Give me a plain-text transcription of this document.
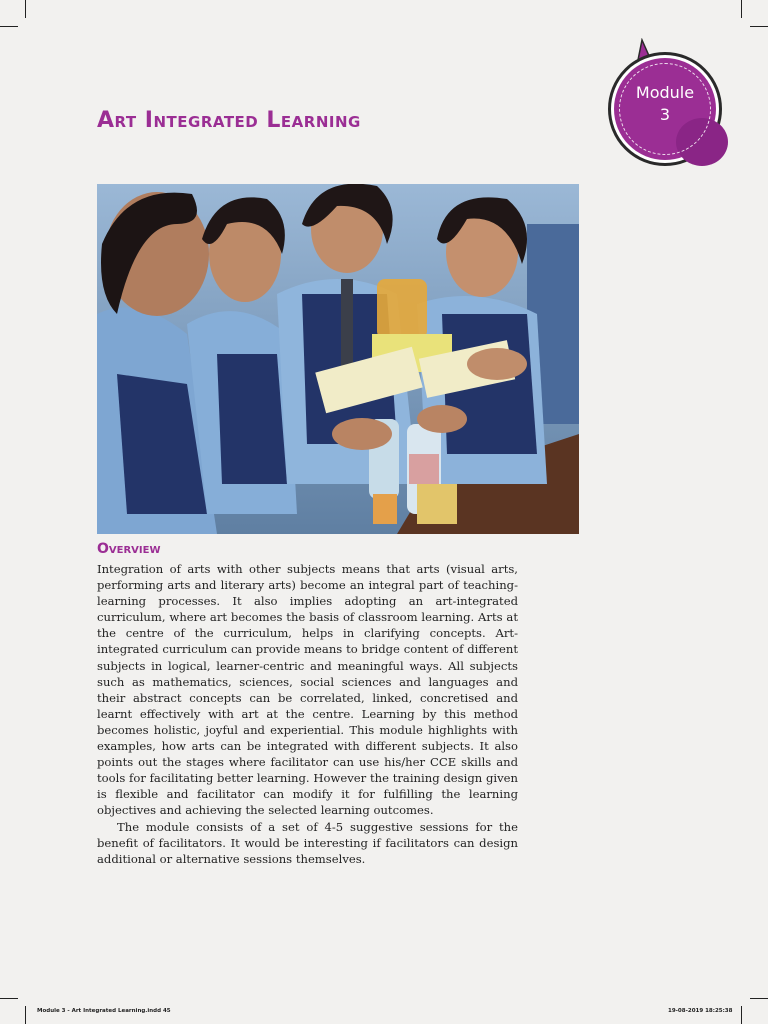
Module
3
Art Integrated Learning
Overview

Integration of arts with other subjects means that arts (visual arts, performing arts and literary arts) become an integral part of teaching-learning processes. It also implies adopting an art-integrated curriculum, where art becomes the basis of classroom learning. Arts at the centre of the curriculum, helps in clarifying concepts. Art-integrated curriculum can provide means to bridge content of different subjects in logical, learner-centric and meaningful ways. All subjects such as mathematics, sciences, social sciences and languages and their abstract concepts can be correlated, linked, concretised and learnt effectively with art at the centre. Learning by this method becomes holistic, joyful and experiential. This module highlights with examples, how arts can be integrated with different subjects. It also points out the stages where facilitator can use his/her CCE skills and tools for facilitating better learning. However the training design given is flexible and facilitator can modify it for fulfilling the learning objectives and achieving the selected learning outcomes.

The module consists of a set of 4-5 suggestive sessions for the benefit of facilitators. It would be interesting if facilitators can design additional or alternative sessions themselves.

Module 3 - Art Integrated Learning.indd 45	19-08-2019 18:25:38
